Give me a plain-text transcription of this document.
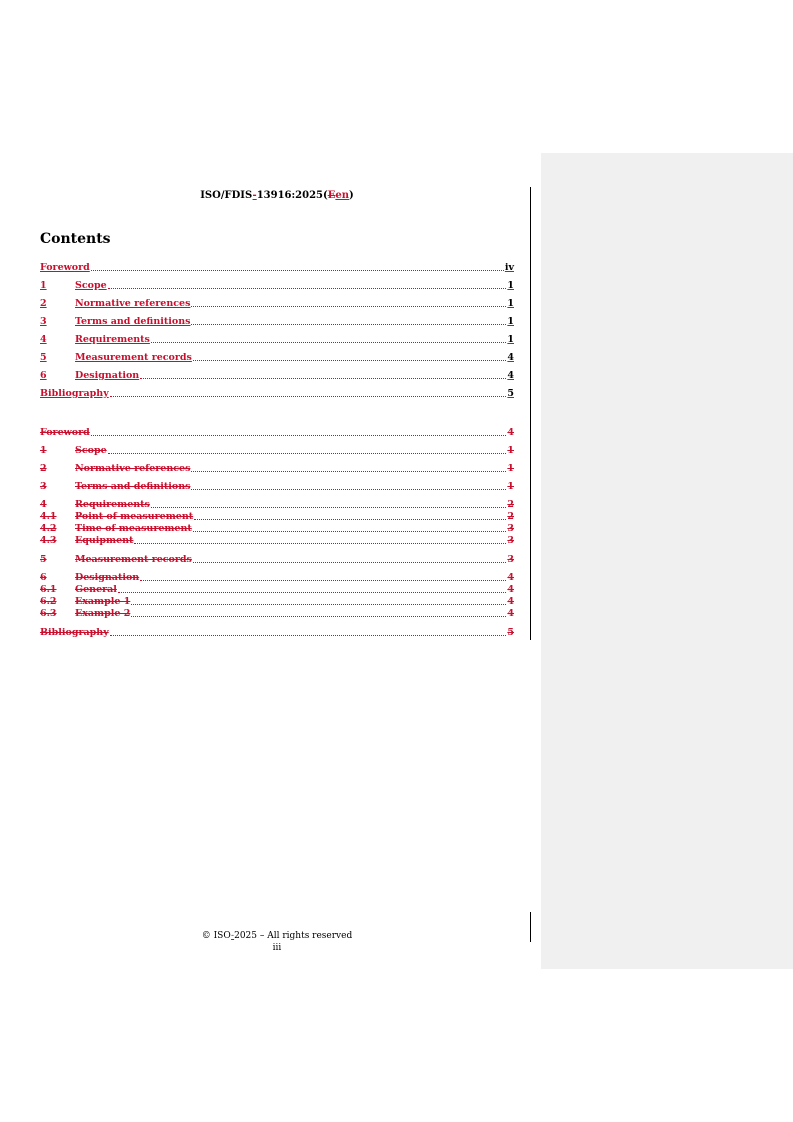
ISO/FDIS-13916:2025(Een)
Contents
Foreword	iv
1	Scope	1
2	Normative references	1
3	Terms and definitions	1
4	Requirements	1
5	Measurement records	4
6	Designation	4
Bibliography	5
Foreword	4
1	Scope	1
2	Normative references	1
3	Terms and definitions	1
4	Requirements	2
4.1	Point of measurement	2
4.2	Time of measurement	3
4.3	Equipment	3
5	Measurement records	3
6	Designation	4
6.1	General	4
6.2	Example 1	4
6.3	Example 2	4
Bibliography	5
© ISO-2025 – All rights reserved
iii
